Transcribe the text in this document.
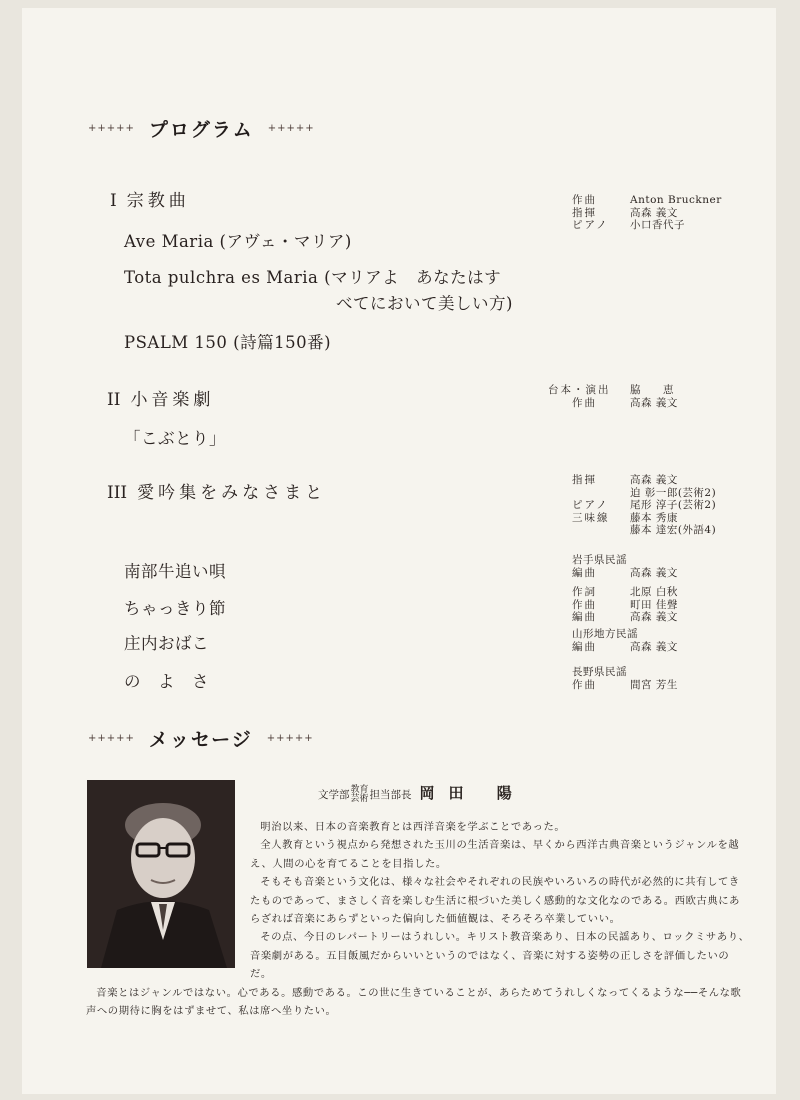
+++++ プログラム +++++
I 宗教曲	作曲	Anton Bruckner
指揮	高森 義文
ピアノ	小口香代子
Ave Maria (アヴェ・マリア)
Tota pulchra es Maria (マリアよ　あなたはす
べてにおいて美しい方)
PSALM 150 (詩篇150番)
II 小音楽劇	台本・演出	脇　　恵
作曲	高森 義文
「こぶとり」
III 愛吟集をみなさまと
指揮	高森 義文
迫 彰一郎(芸術2)
ピアノ	尾形 淳子(芸術2)
三味線	藤本 秀康
藤本 達宏(外語4)
南部牛追い唄
岩手県民謡
編曲	高森 義文
ちゃっきり節
作詞	北原 白秋
作曲	町田 佳聲
編曲	高森 義文
庄内おばこ	山形地方民謡
編曲	高森 義文
の　よ　さ	長野県民謡
作曲	間宮 芳生
+++++ メッセージ +++++
文学部 教育
芸術 担当部長 岡田 陽

明治以来、日本の音楽教育とは西洋音楽を学ぶことであった。

全人教育という視点から発想された玉川の生活音楽は、早くから西洋古典音楽というジャンルを越え、人間の心を育てることを目指した。

そもそも音楽という文化は、様々な社会やそれぞれの民族やいろいろの時代が必然的に共有してきたものであって、まさしく音を楽しむ生活に根づいた美しく感動的な文化なのである。西欧古典にあらざれば音楽にあらずといった偏向した価値観は、そろそろ卒業していい。

その点、今日のレパートリーはうれしい。キリスト教音楽あり、日本の民謡あり、ロックミサあり、音楽劇がある。五目飯風だからいいというのではなく、音楽に対する姿勢の正しさを評価したいのだ。

音楽とはジャンルではない。心である。感動である。この世に生きていることが、あらためてうれしくなってくるような──そんな歌声への期待に胸をはずませて、私は席へ坐りたい。
